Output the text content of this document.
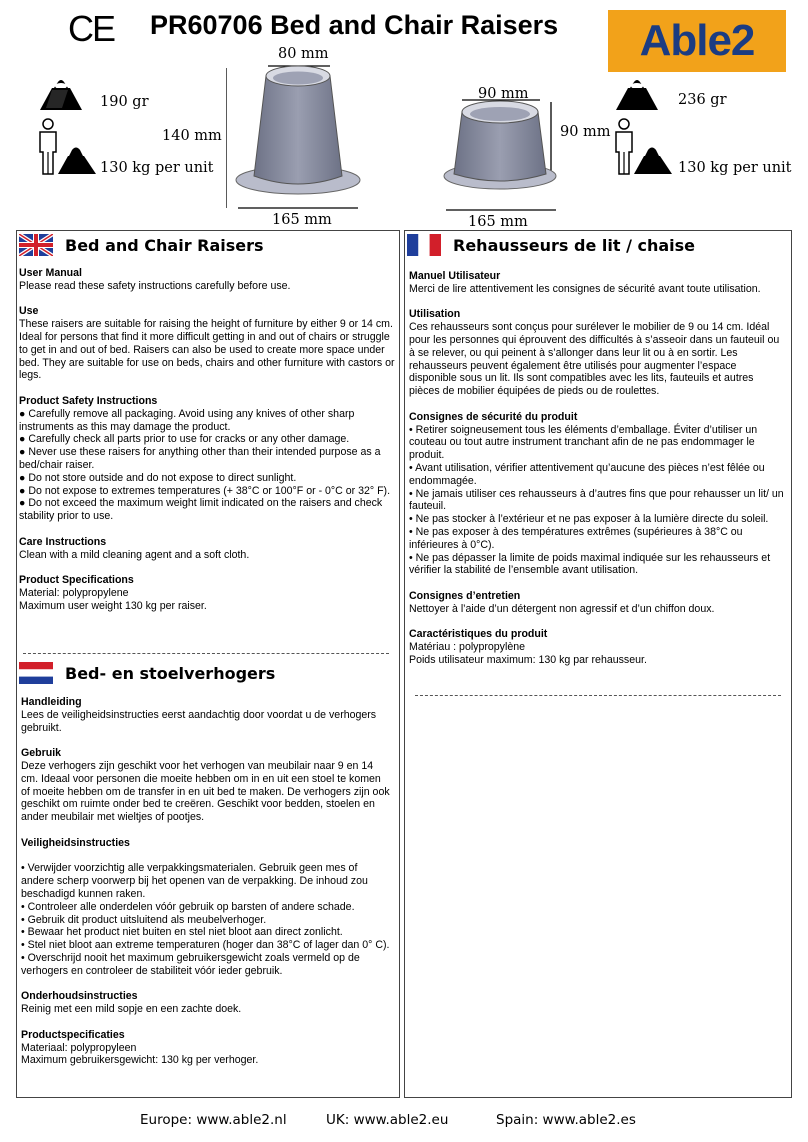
CE PR60706 Bed and Chair Raisers Able2
190 gr
130 kg per unit
80 mm
140 mm
165 mm
90 mm
90 mm
165 mm
236 gr
130 kg per unit
Bed and Chair Raisers
User Manual
Please read these safety instructions carefully before use.
Use
These raisers are suitable for raising the height of furniture by either 9 or 14 cm. Ideal for persons that find it more difficult getting in and out of chairs or struggle to get in and out of bed. Raisers can also be used to create more space under bed. They are suitable for use on beds, chairs and other furniture with castors or legs.
Product Safety Instructions
● Carefully remove all packaging. Avoid using any knives of other sharp instruments as this may damage the product.
● Carefully check all parts prior to use for cracks or any other damage.
● Never use these raisers for anything other than their intended purpose as a bed/chair raiser.
● Do not store outside and do not expose to direct sunlight.
● Do not expose to extremes temperatures (+ 38°C or 100°F or - 0°C or 32° F).
● Do not exceed the maximum weight limit indicated on the raisers and check stability prior to use.
Care Instructions
Clean with a mild cleaning agent and a soft cloth.
Product Specifications
Material: polypropylene
Maximum user weight 130 kg per raiser.
Bed- en stoelverhogers
Handleiding
Lees de veiligheidsinstructies eerst aandachtig door voordat u de verhogers gebruikt.
Gebruik
Deze verhogers zijn geschikt voor het verhogen van meubilair naar 9 en 14 cm. Ideaal voor personen die moeite hebben om in en uit een stoel te komen of moeite hebben om de transfer in en uit bed te maken. De verhogers zijn ook geschikt om ruimte onder bed te creëren. Geschikt voor bedden, stoelen en ander meubilair met wieltjes of pootjes.
Veiligheidsinstructies
• Verwijder voorzichtig alle verpakkingsmaterialen. Gebruik geen mes of andere scherp voorwerp bij het openen van de verpakking. De inhoud zou beschadigd kunnen raken.
• Controleer alle onderdelen vóór gebruik op barsten of andere schade.
• Gebruik dit product uitsluitend als meubelverhoger.
• Bewaar het product niet buiten en stel niet bloot aan direct zonlicht.
• Stel niet bloot aan extreme temperaturen (hoger dan 38°C of lager dan 0° C).
• Overschrijd nooit het maximum gebruikersgewicht zoals vermeld op de verhogers en controleer de stabiliteit vóór ieder gebruik.
Onderhoudsinstructies
Reinig met een mild sopje en een zachte doek.
Productspecificaties
Materiaal: polypropyleen
Maximum gebruikersgewicht: 130 kg per verhoger.
Rehausseurs de lit / chaise
Manuel Utilisateur
Merci de lire attentivement les consignes de sécurité avant toute utilisation.
Utilisation
Ces rehausseurs sont conçus pour surélever le mobilier de 9 ou 14 cm. Idéal pour les personnes qui éprouvent des difficultés à s’asseoir dans un fauteuil ou à se relever, ou qui peinent à s’allonger dans leur lit ou à en sortir. Les rehausseurs peuvent également être utilisés pour augmenter l’espace disponible sous un lit. Ils sont compatibles avec les lits, fauteuils et autres pièces de mobilier équipées de pieds ou de roulettes.
Consignes de sécurité du produit
• Retirer soigneusement tous les éléments d’emballage. Éviter d’utiliser un couteau ou tout autre instrument tranchant afin de ne pas endommager le produit.
• Avant utilisation, vérifier attentivement qu’aucune des pièces n’est fêlée ou endommagée.
• Ne jamais utiliser ces rehausseurs à d’autres fins que pour rehausser un lit/ un fauteuil.
• Ne pas stocker à l’extérieur et ne pas exposer à la lumière directe du soleil.
• Ne pas exposer à des températures extrêmes (supérieures à 38°C ou inférieures à 0°C).
• Ne pas dépasser la limite de poids maximal indiquée sur les rehausseurs et vérifier la stabilité de l’ensemble avant utilisation.
Consignes d’entretien
Nettoyer à l’aide d’un détergent non agressif et d’un chiffon doux.
Caractéristiques du produit
Matériau : polypropylène
Poids utilisateur maximum: 130 kg par rehausseur.
Europe: www.able2.nl	UK: www.able2.eu	Spain: www.able2.es
